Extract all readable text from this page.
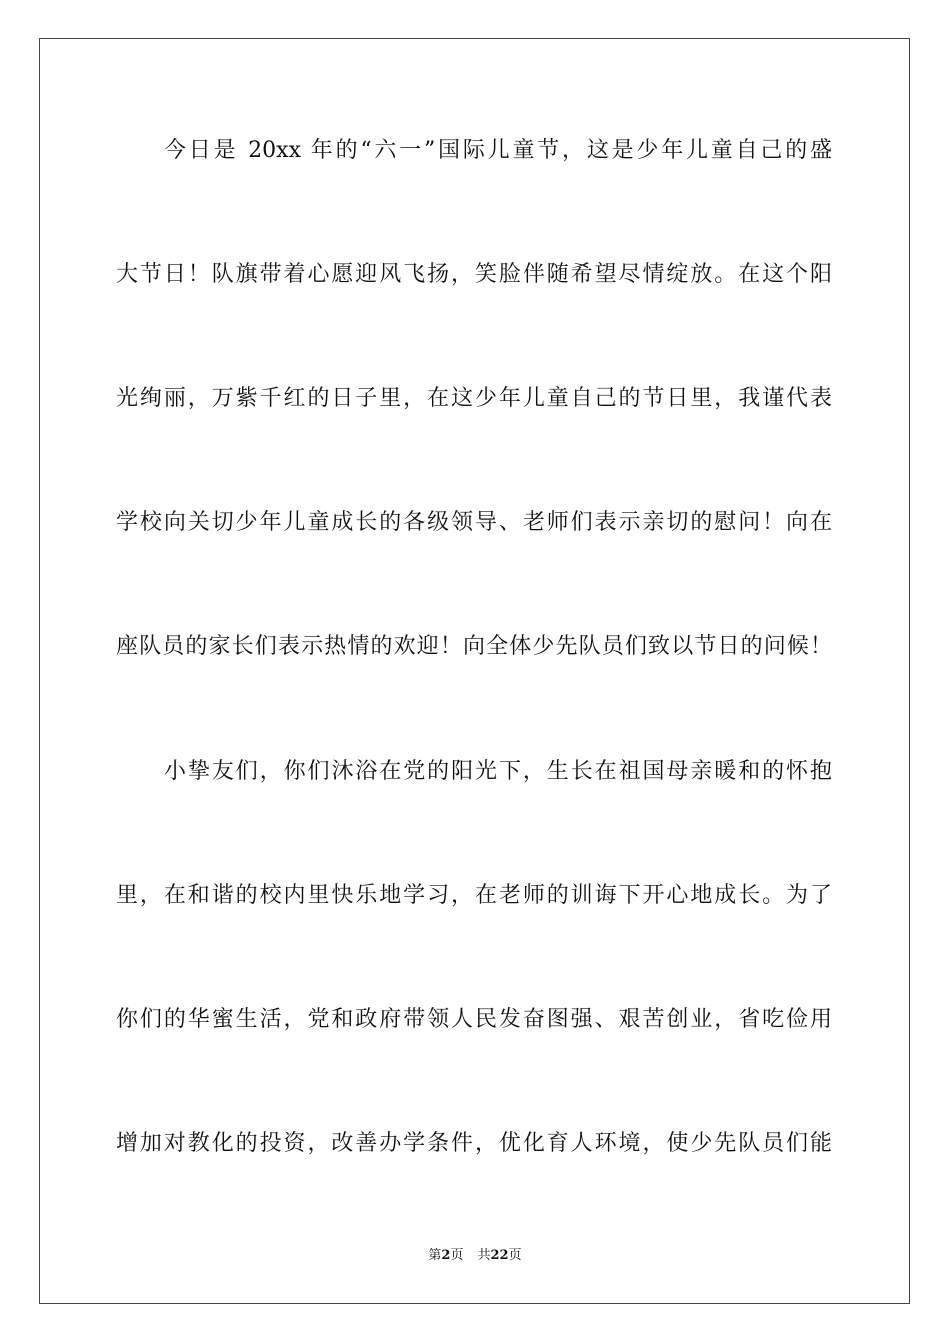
今日是 20xx 年的“六一”国际儿童节，这是少年儿童自己的盛
大节日！队旗带着心愿迎风飞扬，笑脸伴随希望尽情绽放。在这个阳
光绚丽，万紫千红的日子里，在这少年儿童自己的节日里，我谨代表
学校向关切少年儿童成长的各级领导、老师们表示亲切的慰问！向在
座队员的家长们表示热情的欢迎！向全体少先队员们致以节日的问候！
小挚友们，你们沐浴在党的阳光下，生长在祖国母亲暖和的怀抱
里，在和谐的校内里快乐地学习，在老师的训诲下开心地成长。为了
你们的华蜜生活，党和政府带领人民发奋图强、艰苦创业，省吃俭用
增加对教化的投资，改善办学条件，优化育人环境，使少先队员们能
第2页 共22页
